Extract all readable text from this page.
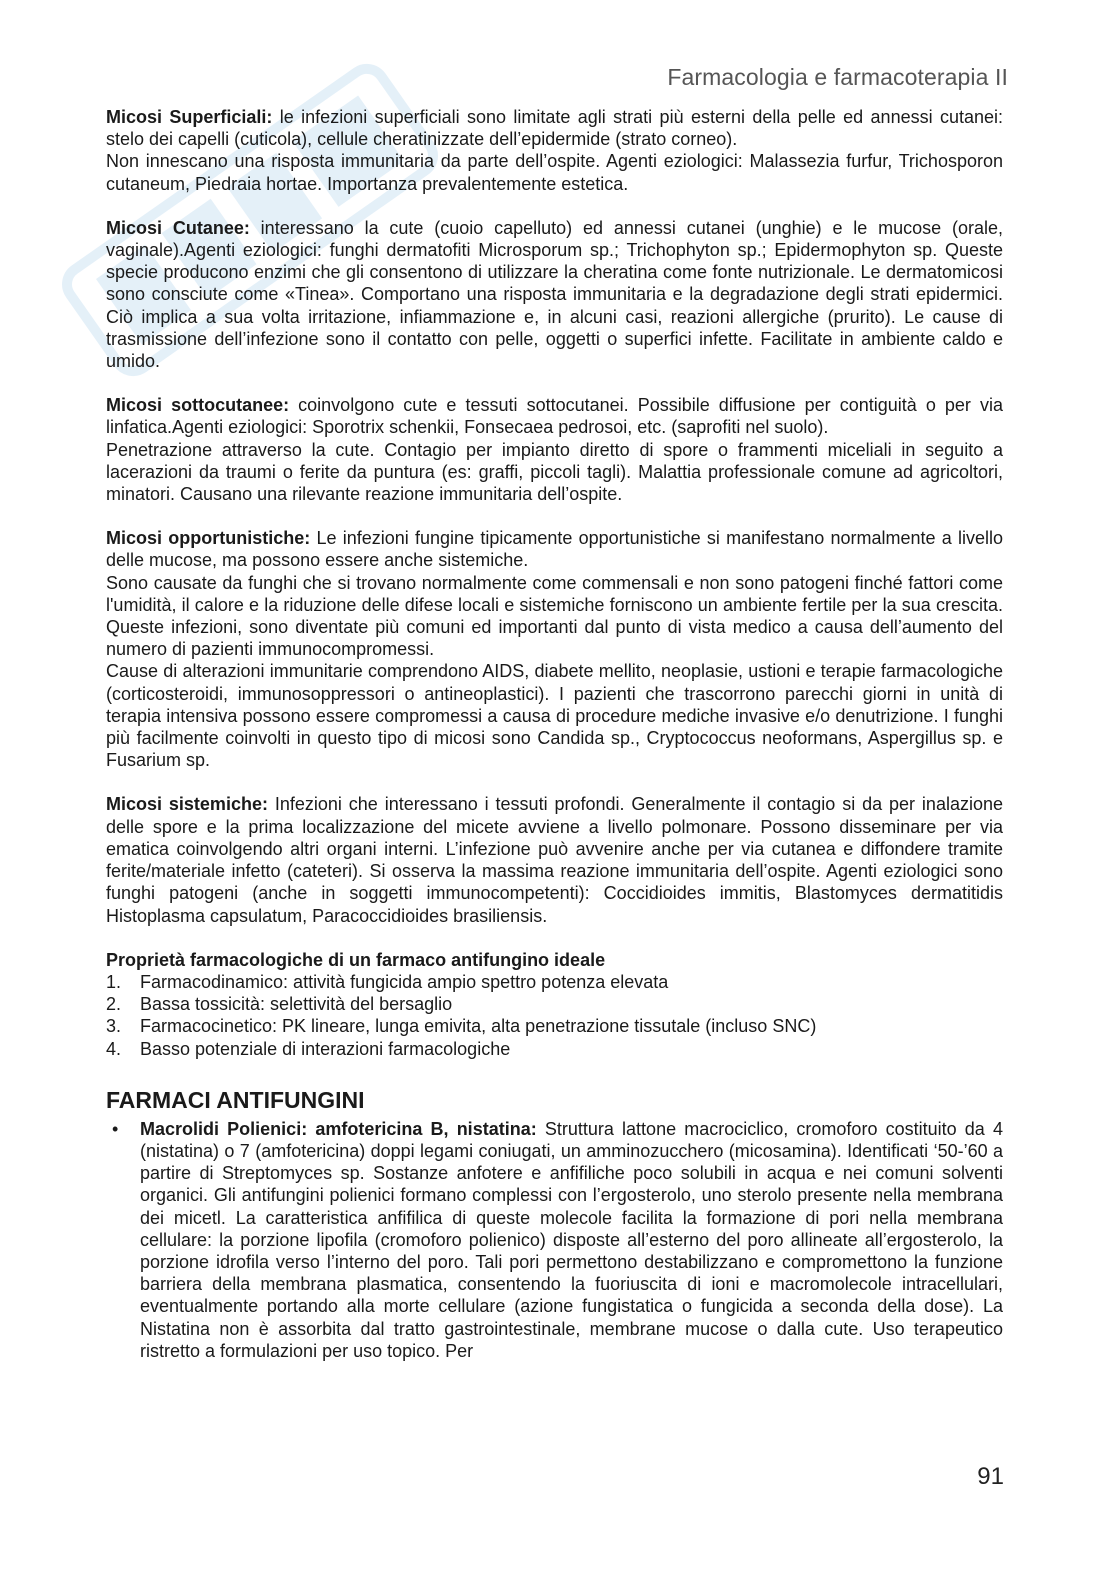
Farmacologia e farmacoterapia II

Micosi Superficiali: le infezioni superficiali sono limitate agli strati più esterni della pelle ed annessi cutanei: stelo dei capelli (cuticola), cellule cheratinizzate dell’epidermide (strato corneo).

Non innescano una risposta immunitaria da parte dell’ospite. Agenti eziologici: Malassezia furfur, Trichosporon cutaneum, Piedraia hortae. Importanza prevalentemente estetica.

Micosi Cutanee: interessano la cute (cuoio capelluto) ed annessi cutanei (unghie) e le mucose (orale, vaginale).Agenti eziologici: funghi dermatofiti Microsporum sp.; Trichophyton sp.; Epidermophyton sp. Queste specie producono enzimi che gli consentono di utilizzare la cheratina come fonte nutrizionale. Le dermatomicosi sono consciute come «Tinea». Comportano una risposta immunitaria e la degradazione degli strati epidermici. Ciò implica a sua volta irritazione, infiammazione e, in alcuni casi, reazioni allergiche (prurito). Le cause di trasmissione dell’infezione sono il contatto con pelle, oggetti o superfici infette. Facilitate in ambiente caldo e umido.

Micosi sottocutanee: coinvolgono cute e tessuti sottocutanei. Possibile diffusione per contiguità o per via linfatica.Agenti eziologici: Sporotrix schenkii, Fonsecaea pedrosoi, etc. (saprofiti nel suolo).

Penetrazione attraverso la cute. Contagio per impianto diretto di spore o frammenti miceliali in seguito a lacerazioni da traumi o ferite da puntura (es: graffi, piccoli tagli). Malattia professionale comune ad agricoltori, minatori. Causano una rilevante reazione immunitaria dell’ospite.

Micosi opportunistiche: Le infezioni fungine tipicamente opportunistiche si manifestano normalmente a livello delle mucose, ma possono essere anche sistemiche.

Sono causate da funghi che si trovano normalmente come commensali e non sono patogeni finché fattori come l'umidità, il calore e la riduzione delle difese locali e sistemiche forniscono un ambiente fertile per la sua crescita. Queste infezioni, sono diventate più comuni ed importanti dal punto di vista medico a causa dell’aumento del numero di pazienti immunocompromessi.

Cause di alterazioni immunitarie comprendono AIDS, diabete mellito, neoplasie, ustioni e terapie farmacologiche (corticosteroidi, immunosoppressori o antineoplastici). I pazienti che trascorrono parecchi giorni in unità di terapia intensiva possono essere compromessi a causa di procedure mediche invasive e/o denutrizione. I funghi più facilmente coinvolti in questo tipo di micosi sono Candida sp., Cryptococcus neoformans, Aspergillus sp. e Fusarium sp.

Micosi sistemiche: Infezioni che interessano i tessuti profondi. Generalmente il contagio si da per inalazione delle spore e la prima localizzazione del micete avviene a livello polmonare. Possono disseminare per via ematica coinvolgendo altri organi interni. L’infezione può avvenire anche per via cutanea e diffondere tramite ferite/materiale infetto (cateteri). Si osserva la massima reazione immunitaria dell’ospite. Agenti eziologici sono funghi patogeni (anche in soggetti immunocompetenti): Coccidioides immitis, Blastomyces dermatitidis Histoplasma capsulatum, Paracoccidioides brasiliensis.

Proprietà farmacologiche di un farmaco antifungino ideale

1. Farmacodinamico: attività fungicida ampio spettro potenza elevata
2. Bassa tossicità: selettività del bersaglio
3. Farmacocinetico: PK lineare, lunga emivita, alta penetrazione tissutale (incluso SNC)
4. Basso potenziale di interazioni farmacologiche
FARMACI ANTIFUNGINI

• Macrolidi Polienici: amfotericina B, nistatina: Struttura lattone macrociclico, cromoforo costituito da 4 (nistatina) o 7 (amfotericina) doppi legami coniugati, un amminozucchero (micosamina). Identificati ‘50-’60 a partire di Streptomyces sp. Sostanze anfotere e anfifiliche poco solubili in acqua e nei comuni solventi organici. Gli antifungini polienici formano complessi con l’ergosterolo, uno sterolo presente nella membrana dei micetl. La caratteristica anfifilica di queste molecole facilita la formazione di pori nella membrana cellulare: la porzione lipofila (cromoforo polienico) disposte all’esterno del poro allineate all’ergosterolo, la porzione idrofila verso l’interno del poro. Tali pori permettono destabilizzano e compromettono la funzione barriera della membrana plasmatica, consentendo la fuoriuscita di ioni e macromolecole intracellulari, eventualmente portando alla morte cellulare (azione fungistatica o fungicida a seconda della dose). La Nistatina non è assorbita dal tratto gastrointestinale, membrane mucose o dalla cute. Uso terapeutico ristretto a formulazioni per uso topico. Per

91
